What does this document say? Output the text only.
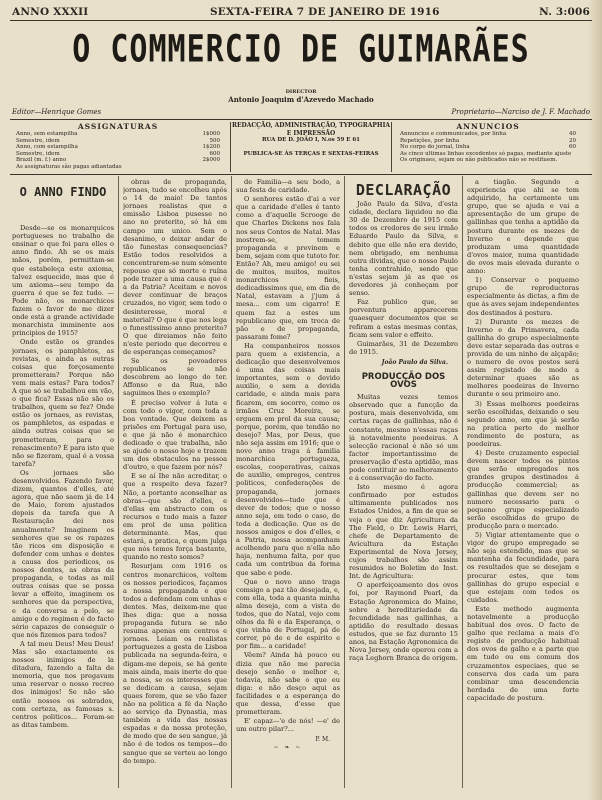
ANNO XXXII	SEXTA-FEIRA 7 DE JANEIRO DE 1916	N. 3:006
O COMMERCIO DE GUIMARÃES
DIRECTOR
Antonio Joaquim d'Azevedo Machado
Editor—Henrique Gomes	Proprietario—Narciso de J. F. Machado
ASSIGNATURAS
Anno, sem estampilha	1$000
Semestre, idem	500
Anno, com estampilha	1$200
Semestre, idem	600
Brazil (m. f.) anno	2$000
As assignaturas são pagas adiantadas
REDACÇÃO, ADMINISTRAÇÃO, TYPOGRAPHIA
E IMPRESSÃO
RUA DE D. JOÃO I, N.os 59 E 61
PUBLICA-SE ÁS TERÇAS E SEXTAS-FEIRAS
ANNUNCIOS
Annuncios e communicados, por linha	40
Repetições, por linha	20
No corpo do jornal, linha	60
As cinco ultimas linhas excedentes só pagas, mediante ajuste
Os originaes, sejam ou não publicados não se restituem.
O ANNO FINDO

Desde—se os monarquicos portugueses no trabalho de ensinar o que foi para elles o anno findo. Ah se os mais mãos, porém, permittam-se que estabeleça este axioma, talvez esquecido, mas que é um axioma—seu tempo da guerra é que se fez tudo. —Pode não, os monarchicos fazem o favor de me dizer onde está a grande actividade monarchista imminente aos principios de 1915?

Onde estão os grandes jornaes, os pamphletos, as revistas, e ainda as outras coisas que forçosamente prometteram? Porque não vem mais estas? Para todos? A que só se trabalhou em vão, o que fica? Essas não são os trabalhos, quem se fez? Onde estão os jornaes, as revistas, os pamphletos, as espadas e ainda outras coisas que se prometteram, para o renascimento? É para isto que não se fizeram, qual é a vossa tarefa?

Os jornaes são desenvolvidos. Fazendo favor, dizem, quantos d'elles, até agora, que não saem já de 14 de Maio, forem ajustados depois da tarefa que A Restauração dei nos anualmente? Imaginem os senhores que se os rapazes tão ricos em disposição e defender com unhas e dentes a causa dos periodicos, os nossos dentes, as obras da propaganda, e todas as mil outras coisas que se possa levar a effeito, imaginem os senhores que da perspectiva, e da conversa a pelo, se amigo e do regimen é do facto sério capazes de conseguir o que nós fizemos para todos?

A tal meu Deus! Meu Deus! Mas são exactamente os nossos inimigos de la ditadura, fazendo a falta de memoria, que nos pregavam uma reservar o nosso recreo dos inimigos! Se não são então nossos os sobrados, com certeza, as famosas s. centros politicos... Foram-se as ditas tambem.

obras de propaganda, jornaes, tudo se encolheu após o 14 de maio! De tantos jornaes realistas que a emissão Lisboa pusesse no ano no preterito, só há em campo um unico. Sem o desanimo, o deixar andar de tão funestas consequencias? Estão todos resolvidos a concentrarem-se num sómente repouso que só morte e ruína pode trazer a uma causa que é a da Patria? Aceitam e novos dever continuar de braços cruzados, no vigor, sem todo o desinteresse, moral e material? O que é que nos lega o funestissimo anno preterito? O que direiamos não feito n'este periodo que decorreu e de esperanças começamos?

Se os povoadores republicanos se não descobrem ao longo do ter. Affonso e da Rua, não saguimos lhes o exemplo?

É preciso volver á luta e com todo o vigor, com toda a boa vontade. Que deixem as prisões em Portugal para uso, e que já não é monarchico dedicado o que trabalha, não se ajude o nosso hoje e trazem um dos obstaculos na pessoa d'outro, e que fazem por nós?

E se aí Ihe não acreditar, o que a respeito deva fazer? Não, a portanto aconselhar as obras—que são d'elles, e d'ellas em abstracto com os recursos e tudo mais a fazer em prol de uma politica determinante. Mas, que estará, a pratica, e quem julga que nós temos força bastante, quando no resto somos?

Resurjam com 1916 os centros monarchicos, voltem os nossos periodicos, façamos a nossa propaganda e que todos a defendam com unhas e dentes. Mas, deixem-me que lhes diga: que a nossa propaganda futura se não resuma apenas em centros e jornaes. Leiam os realistas portuguezes a gesta de Lisboa publicada na segunda-feira, e digam-me depois, se há gente mais ainda, mais inerte do que a nossa, se os interesses que se dedicam a causa, sejam quaes forem, que se vão fazer não na politica a fé da Nação ao serviço da Dynastia, mas também a vida das nossas espadas e da nossa proteção, de modo que de seu sangue, já não é de todos os tempos—do sangue que se verteu ao longo do tempo.

de Familia—a seu bodo, a sua festa de caridade.

O senhores estão d'ai a ver que a caridade d'elles é tanto como a d'aquelle Scrooge de que Charles Dickens nos fala nos seus Contos de Natal. Mas mostrem-se, tomem propaganda e previnem e bem, sejam com que tutoto for. Então? Ah, meu amigo! eu sei de muitos, muitos, muitos monarchicos fieis, dedicadissimos que, em dia de Natal, estavam a j'jum á mesa... com um cigarro! E quem faz a estes um republicano que, em troca de pão e de propaganda, passaram fome?

Ha companheiros nossos para quem a existencia, a dedicação que desenvolvemos é uma das coisas mais importantes, sem o devido auxilio, e sem a devida caridade, e ainda mais para ficarem, em socorro, como os irmãos Cruz Moreira, se erguem em prol da sua causa; porque, porém, que tendão no desejo? Mas, por Deus, que não seja assim em 1916; que o novo anno traga á familia monarchica portugueza, escolas, cooperativas, caixas de auxilio, empregos, centros politicos, confederações de propaganda, jornaes desenvolvidos—tudo que é dever de todos; que o nosso anno seja, em todo o caso, de toda a dedicação. Que os de nossos amigos e dos d'elles, e a Patria, nossa acompanham acolhendo para que n'ella não haja, nenhuma falta, por que cada um contribua da forma que sabe e pode.

Que o novo anno traga comsigo a paz tão desejada, e, com ella, toda a quanta minha alma deseja, com a vista de todos, que do Natal, vejo com olhos da fé e da Esperança, o que vinha de Portugal, pá de correr, pó de e de espirito e por fim... a caridade!

Vêem? Ainda há pouco eu dizia que não me parecia desejo senão o melhor e, todavia, não sabe o que eu diga: e não desço aqui as facilidades e a esperança do que dessa, d'esse que prometteram.

E' capaz—'e de nós! —e' de um outro pilar?...

P. M.
~ ❧ ~
DECLARAÇÃO

João Paulo da Silva, d'esta cidade, declara liquidou no dia 30 de Dezembro de 1915 com todos os credores de seu irmão Eduardo Paulo da Silva, e debito que elle não era devido, nem obrigado, em nenhuma outra dividas, que o nosso Paulo tenha contrahido, sendo que n'estas sejam já as que os devedores já conheçam por senso.

Faz publico que, se porventura apparecerem quaesquer documentos que se refiram a estas mesmas contas, ficam sem valor e effeito.

Guimarães, 31 de Dezembro de 1915.

João Paulo da Silva.
PRODUCÇÃO DOS OVOS

Muitas vezes temos observado que a funcção da postura, mais desenvolvida, em certas raças de gallinhas, não é constante, mesmo n'essas raças já notavelmente poedeiras. A selecção racional é não só um factor importantissimo de preservação d'esta aptidão, mas pode contituir ao melhoramento e á conservação do facto.

Isto mesmo é agora confirmado por estudos ultimamente publicados nos Estados Unidos, a fim de que se veja o que diz Agricultura da The Field, o Dr. Lewis Harri, chefe de Departamento de Avicultura da Estação Experimental de Nova Jersey, cujos trabalhos são assim resumidos no Boletim do Inst. Int. de Agricultura:

O aperfeiçoamento dos ovos foi, por Raymond Pearl, da Estação Agronomica do Maine, sobre a hereditariedade da fecundidade nas gallinhas, a aptidão do resultado dessas estudos, que se faz duranto 15 anos, na Estação Agronomica de Nova Jersey, onde operou com a raça Leghorn Branca de origem.

a tiagão. Segundo a experiencia que ahi se tem adquirido, ha certamente um grupo, que se ajuda e vai a apresentação de um grupo de gallinhas que tenha a aptidão da postura durante os mezes de Inverno e depende que produzam uma quantidade d'ovos maior, numa quantidade de ovos mais elevada durante o anno:

1) Conservar o poquemo grupo de reproductoras especialmente ás dictas, a fim de que ás aves sejam independentes dos destinados á postura.

2) Durante os mezes de Inverno e da Primavera, cada gallinha do grupo especialmente deve estar separada das outras e provida de um ninho de alçapão; o numero de ovos postos será assim registado de modo a determinar quaes são as melhores poedeiras de Inverno durante o seu primeiro ano.

3) Essas melhores poedeiras serão escolhidas, deixando o seu segundo anno, em que já serão na pratica perto do melhor rendimento de postura, as poedeiras.

4) Deste cruzamento especial devem nascer todos os pintos que serão empregados nos grandes grupos destinados á producção commercial; as gallinhas que devem ser no numero necessario para o pequeno grupo especializado serão escolhidas de grupo de producção para o mercado.

5) Vigiar attentamente que o vigor do grupo empregado se não seja estendido, mas que se mantenha da fecundidade, para os resultados que se desejam e procurar estes, que tem gallinhas do grupo especial e que estejam com todos os cuidados.

Este methodo augmenta notavelmente a producção habitual dos ovos. O facto de galho que reclama a mais d'o registo de producção habitual dos ovos de galho e a parte que em tudo ou em comum dos cruzamentos especiaes, que se conserva dos cada um para combinar uma descendencia herdada de uma forte capacidade de postura.
